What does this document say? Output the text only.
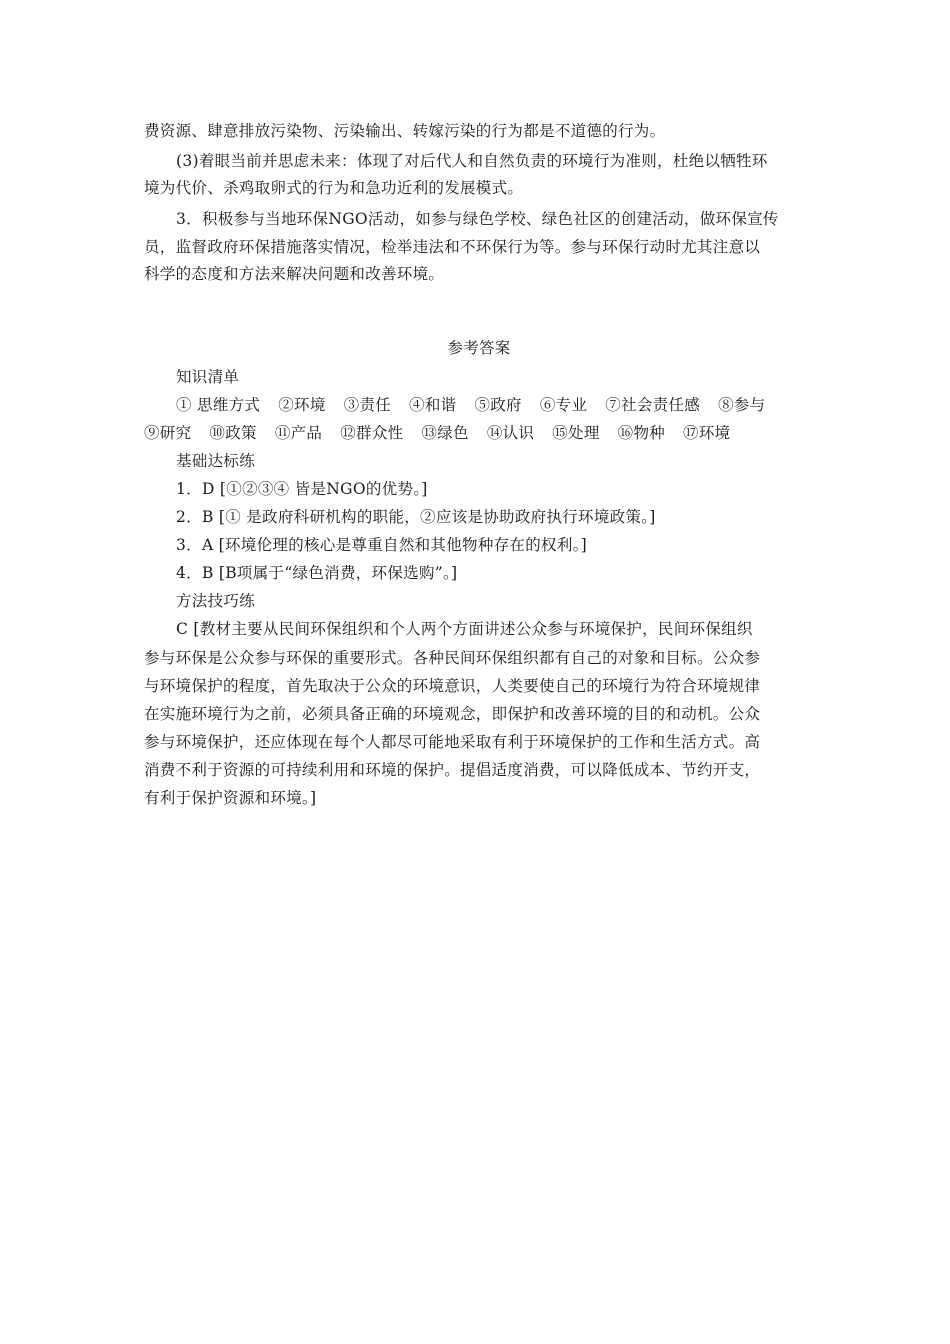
费资源、肆意排放污染物、污染输出、转嫁污染的行为都是不道德的行为。
(3)着眼当前并思虑未来：体现了对后代人和自然负责的环境行为准则，杜绝以牺牲环
境为代价、杀鸡取卵式的行为和急功近利的发展模式。
3．积极参与当地环保NGO活动，如参与绿色学校、绿色社区的创建活动，做环保宣传
员，监督政府环保措施落实情况，检举违法和不环保行为等。参与环保行动时尤其注意以
科学的态度和方法来解决问题和改善环境。
参考答案
知识清单
① 思维方式 ②环境 ③责任 ④和谐 ⑤政府 ⑥专业 ⑦社会责任感 ⑧参与
⑨研究 ⑩政策 ⑪产品 ⑫群众性 ⑬绿色 ⑭认识 ⑮处理 ⑯物种 ⑰环境
基础达标练
1．D [①②③④ 皆是NGO的优势。]
2．B [① 是政府科研机构的职能，②应该是协助政府执行环境政策。]
3．A [环境伦理的核心是尊重自然和其他物种存在的权利。]
4．B [B项属于“绿色消费，环保选购”。]
方法技巧练
C [教材主要从民间环保组织和个人两个方面讲述公众参与环境保护，民间环保组织
参与环保是公众参与环保的重要形式。各种民间环保组织都有自己的对象和目标。公众参
与环境保护的程度，首先取决于公众的环境意识，人类要使自己的环境行为符合环境规律
在实施环境行为之前，必须具备正确的环境观念，即保护和改善环境的目的和动机。公众
参与环境保护，还应体现在每个人都尽可能地采取有利于环境保护的工作和生活方式。高
消费不利于资源的可持续利用和环境的保护。提倡适度消费，可以降低成本、节约开支，
有利于保护资源和环境。]
